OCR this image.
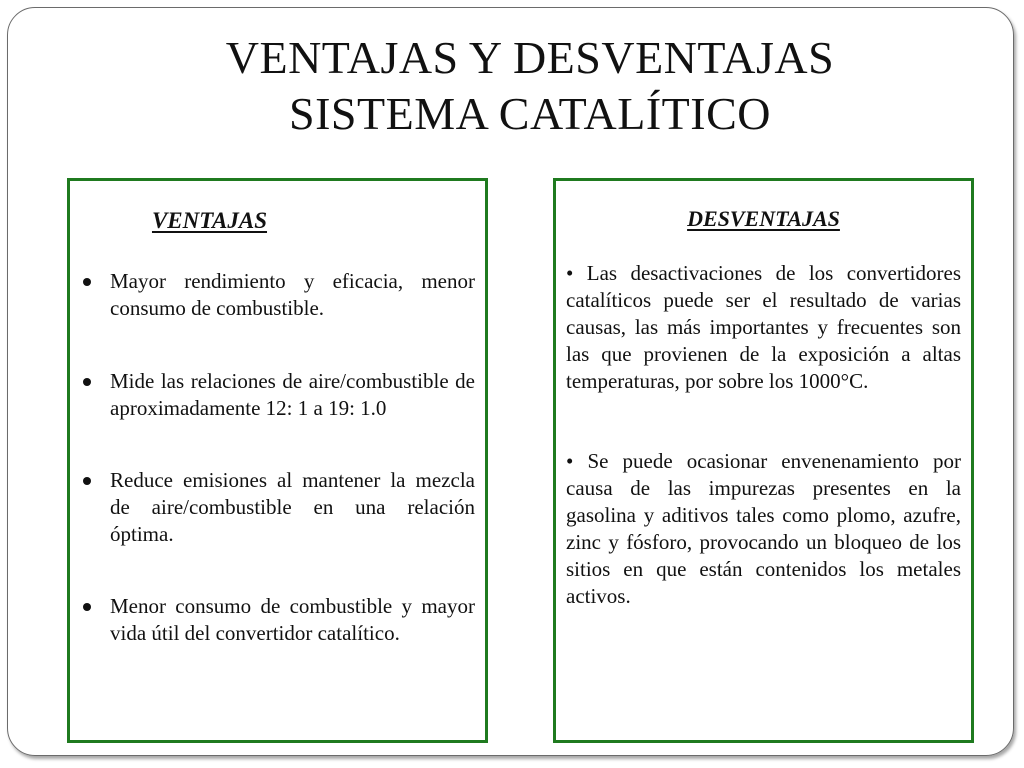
VENTAJAS Y DESVENTAJAS
SISTEMA CATALÍTICO
VENTAJAS
Mayor rendimiento y eficacia, menor consumo de combustible.
Mide las relaciones de aire/combustible de aproximadamente 12: 1 a 19: 1.0
Reduce emisiones al mantener la mezcla de aire/combustible en una relación óptima.
Menor consumo de combustible y mayor vida útil del convertidor catalítico.
DESVENTAJAS
• Las desactivaciones de los convertidores catalíticos puede ser el resultado de varias causas, las más importantes y frecuentes son las que provienen de la exposición a altas temperaturas, por sobre los 1000°C.
• Se puede ocasionar envenenamiento por causa de las impurezas presentes en la gasolina y aditivos tales como plomo, azufre, zinc y fósforo, provocando un bloqueo de los sitios en que están contenidos los metales activos.
